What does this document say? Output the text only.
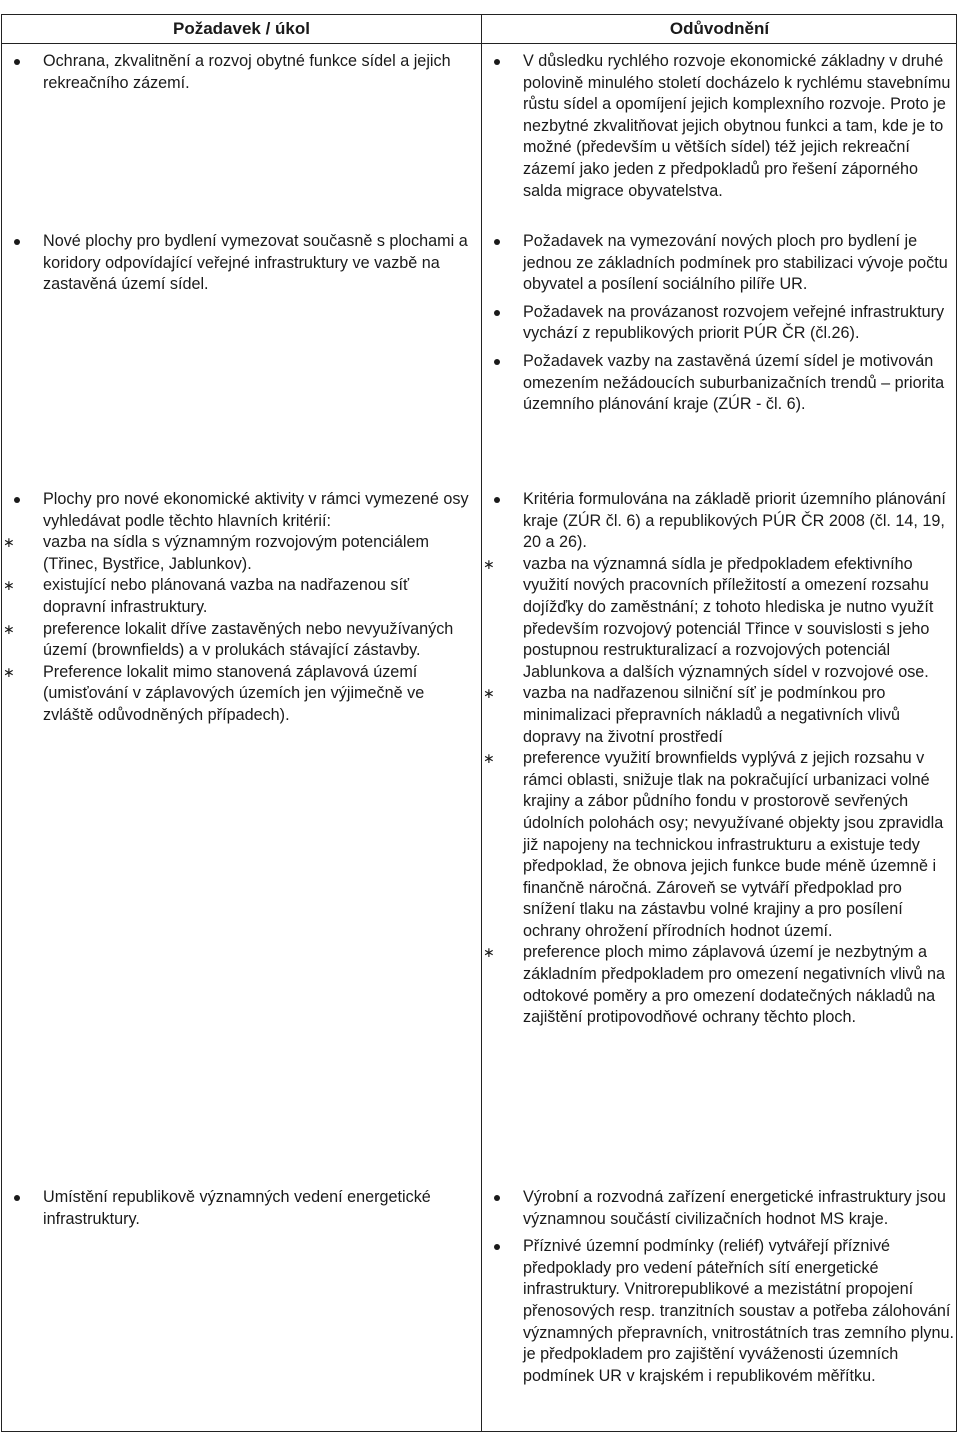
Požadavek / úkol	Odůvodnění
Ochrana, zkvalitnění a rozvoj obytné funkce sídel a jejich rekreačního zázemí.
Nové plochy pro bydlení vymezovat současně s plochami a koridory odpovídající veřejné infrastruktury ve vazbě na zastavěná území sídel.
Plochy pro nové ekonomické aktivity v rámci vymezené osy vyhledávat podle těchto hlavních kritérií:
∗ vazba na sídla s významným rozvojovým potenciálem (Třinec, Bystřice, Jablunkov).
∗ existující nebo plánovaná vazba na nadřazenou síť dopravní infrastruktury.
∗ preference lokalit dříve zastavěných nebo nevyužívaných území (brownfields) a v prolukách stávající zástavby.
∗ Preference lokalit mimo stanovená záplavová území (umisťování v záplavových územích jen výjimečně ve zvláště odůvodněných případech).
Umístění republikově významných vedení energetické infrastruktury.
V důsledku rychlého rozvoje ekonomické základny v druhé polovině minulého století docházelo k rychlému stavebnímu růstu sídel a opomíjení jejich komplexního rozvoje. Proto je nezbytné zkvalitňovat jejich obytnou funkci a tam, kde je to možné (především u větších sídel) též jejich rekreační zázemí jako jeden z předpokladů pro řešení záporného salda migrace obyvatelstva.
Požadavek na vymezování nových ploch pro bydlení je jednou ze základních podmínek pro stabilizaci vývoje počtu obyvatel a posílení sociálního pilíře UR.
Požadavek na provázanost rozvojem veřejné infrastruktury vychází z republikových priorit PÚR ČR (čl.26).
Požadavek vazby na zastavěná území sídel je motivován omezením nežádoucích suburbanizačních trendů – priorita územního plánování kraje (ZÚR - čl. 6).
Kritéria formulována na základě priorit územního plánování kraje (ZÚR čl. 6) a republikových PÚR ČR 2008 (čl. 14, 19, 20 a 26).
∗ vazba na významná sídla je předpokladem efektivního využití nových pracovních příležitostí a omezení rozsahu dojížďky do zaměstnání; z tohoto hlediska je nutno využít především rozvojový potenciál Třince v souvislosti s jeho postupnou restrukturalizací a rozvojových potenciál Jablunkova a dalších významných sídel v rozvojové ose.
∗ vazba na nadřazenou silniční síť je podmínkou pro minimalizaci přepravních nákladů a negativních vlivů dopravy na životní prostředí
∗ preference využití brownfields vyplývá z jejich rozsahu v rámci oblasti, snižuje tlak na pokračující urbanizaci volné krajiny a zábor půdního fondu v prostorově sevřených údolních polohách osy; nevyužívané objekty jsou zpravidla již napojeny na technickou infrastrukturu a existuje tedy předpoklad, že obnova jejich funkce bude méně územně i finančně náročná. Zároveň se vytváří předpoklad pro snížení tlaku na zástavbu volné krajiny a pro posílení ochrany ohrožení přírodních hodnot území.
∗ preference ploch mimo záplavová území je nezbytným a základním předpokladem pro omezení negativních vlivů na odtokové poměry a pro omezení dodatečných nákladů na zajištění protipovodňové ochrany těchto ploch.
Výrobní a rozvodná zařízení energetické infrastruktury jsou významnou součástí civilizačních hodnot MS kraje.
Příznivé územní podmínky (reliéf) vytvářejí příznivé předpoklady pro vedení páteřních sítí energetické infrastruktury. Vnitrorepublikové a mezistátní propojení přenosových resp. tranzitních soustav a potřeba zálohování významných přepravních, vnitrostátních tras zemního plynu. je předpokladem pro zajištění vyváženosti územních podmínek UR v krajském i republikovém měřítku.
